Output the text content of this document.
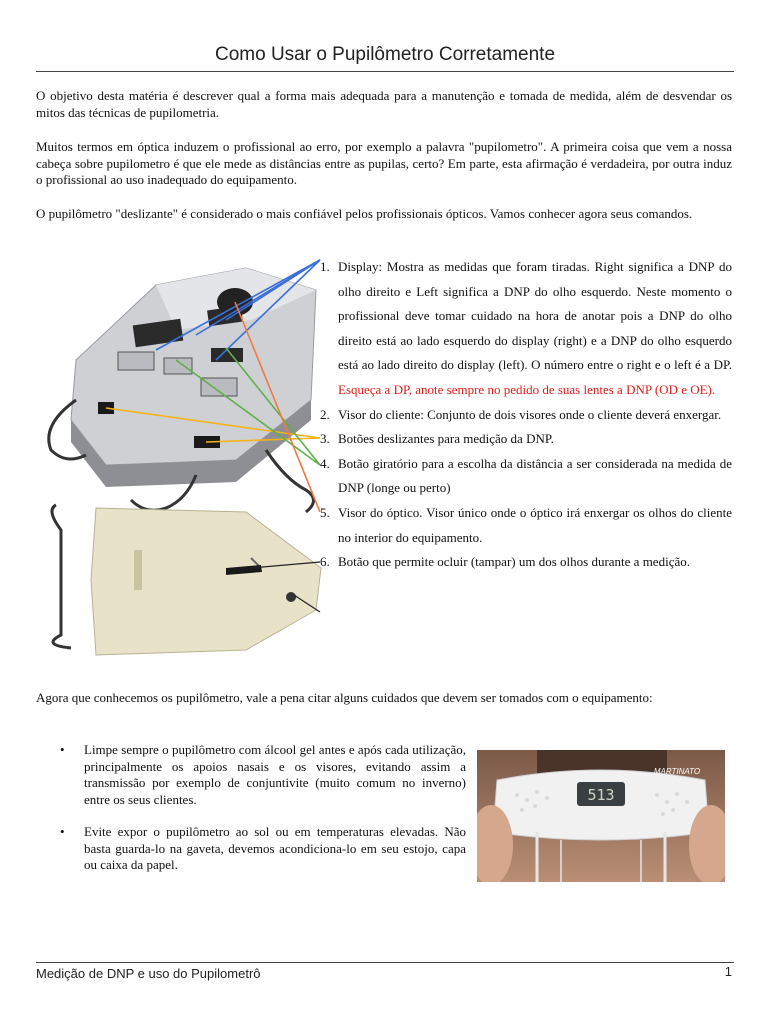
Como Usar o Pupilômetro Corretamente

O objetivo desta matéria é descrever qual a forma mais adequada para a manutenção e tomada de medida, além de desvendar os mitos das técnicas de pupilometria.

Muitos termos em óptica induzem o profissional ao erro, por exemplo a palavra "pupilometro". A primeira coisa que vem a nossa cabeça sobre pupilometro é que ele mede as distâncias entre as pupilas, certo? Em parte, esta afirmação é verdadeira, por outra induz o profissional ao uso inadequado do equipamento.

O pupilômetro "deslizante" é considerado o mais confiável pelos profissionais ópticos. Vamos conhecer agora seus comandos.

1. Display: Mostra as medidas que foram tiradas. Right significa a DNP do olho direito e Left significa a DNP do olho esquerdo. Neste momento o profissional deve tomar cuidado na hora de anotar pois a DNP do olho direito está ao lado esquerdo do display (right) e a DNP do olho esquerdo está ao lado direito do display (left). O número entre o right e o left é a DP. Esqueça a DP, anote sempre no pedido de suas lentes a DNP (OD e OE).
2. Visor do cliente: Conjunto de dois visores onde o cliente deverá enxergar.
3. Botões deslizantes para medição da DNP.
4. Botão giratório para a escolha da distância a ser considerada na medida de DNP (longe ou perto)
5. Visor do óptico. Visor único onde o óptico irá enxergar os olhos do cliente no interior do equipamento.
6. Botão que permite ocluir (tampar) um dos olhos durante a medição.

Agora que conhecemos os pupilômetro, vale a pena citar alguns cuidados que devem ser tomados com o equipamento:

• Limpe sempre o pupilômetro com álcool gel antes e após cada utilização, principalmente os apoios nasais e os visores, evitando assim a transmissão por exemplo de conjuntivite (muito comum no inverno) entre os seus clientes.
• Evite expor o pupilômetro ao sol ou em temperaturas elevadas. Não basta guarda-lo na gaveta, devemos acondiciona-lo em seu estojo, capa ou caixa da papel.
513
MARTINATO
Medição de DNP e uso do Pupilometrô	1
